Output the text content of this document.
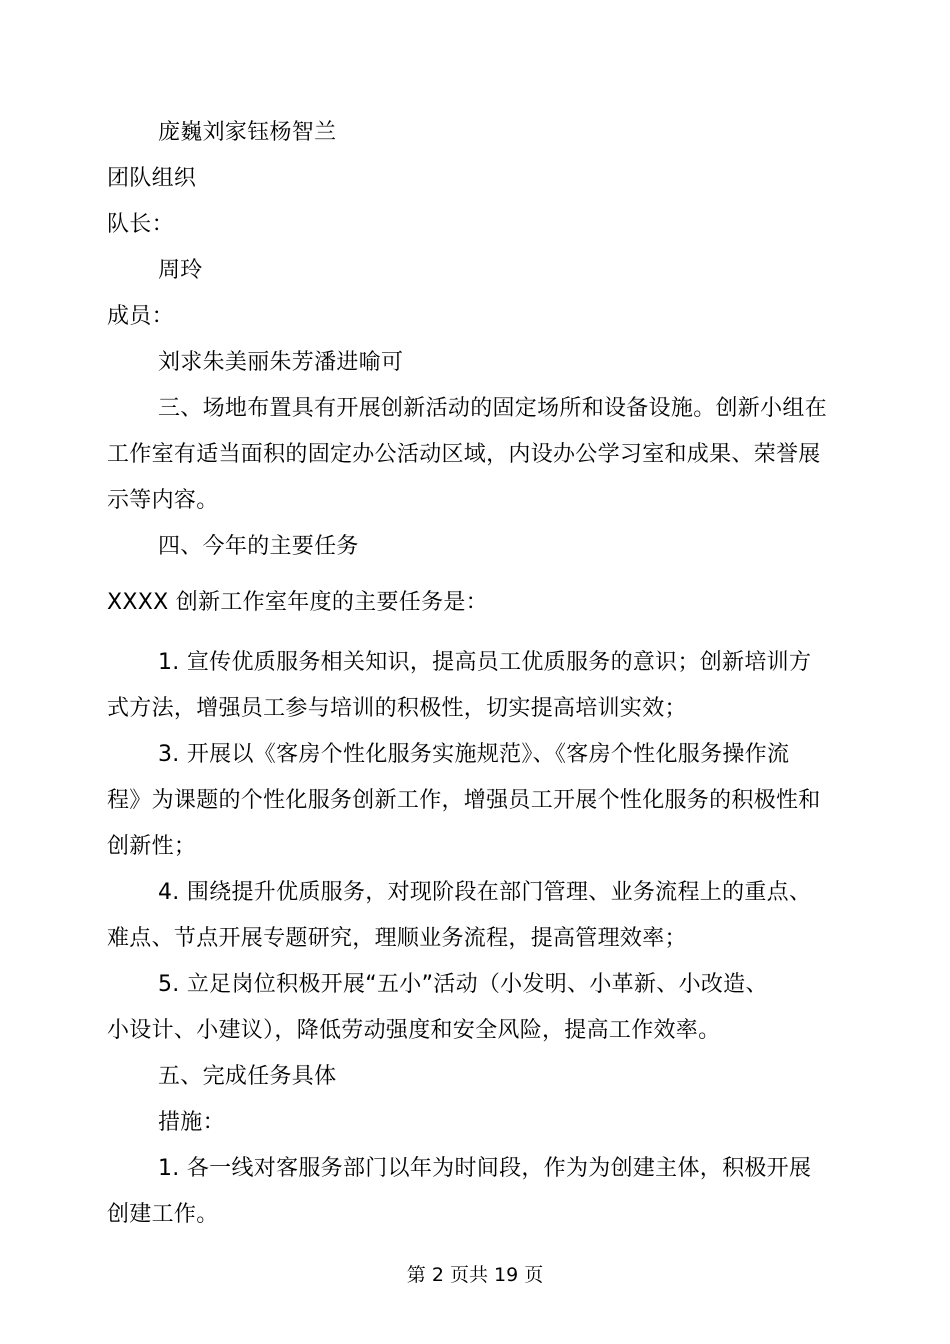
庞巍刘家钰杨智兰
团队组织
队长：
周玲
成员：
刘求朱美丽朱芳潘进喻可
三、场地布置具有开展创新活动的固定场所和设备设施。创新小组在
工作室有适当面积的固定办公活动区域，内设办公学习室和成果、荣誉展
示等内容。
四、今年的主要任务
XXXX 创新工作室年度的主要任务是：
1. 宣传优质服务相关知识，提高员工优质服务的意识；创新培训方
式方法，增强员工参与培训的积极性，切实提高培训实效；
3. 开展以《客房个性化服务实施规范》、《客房个性化服务操作流
程》为课题的个性化服务创新工作，增强员工开展个性化服务的积极性和
创新性；
4. 围绕提升优质服务，对现阶段在部门管理、业务流程上的重点、
难点、节点开展专题研究，理顺业务流程，提高管理效率；
5. 立足岗位积极开展“五小”活动（小发明、小革新、小改造、
小设计、小建议），降低劳动强度和安全风险，提高工作效率。
五、完成任务具体
措施：
1. 各一线对客服务部门以年为时间段，作为为创建主体，积极开展
创建工作。
第 2 页共 19 页
